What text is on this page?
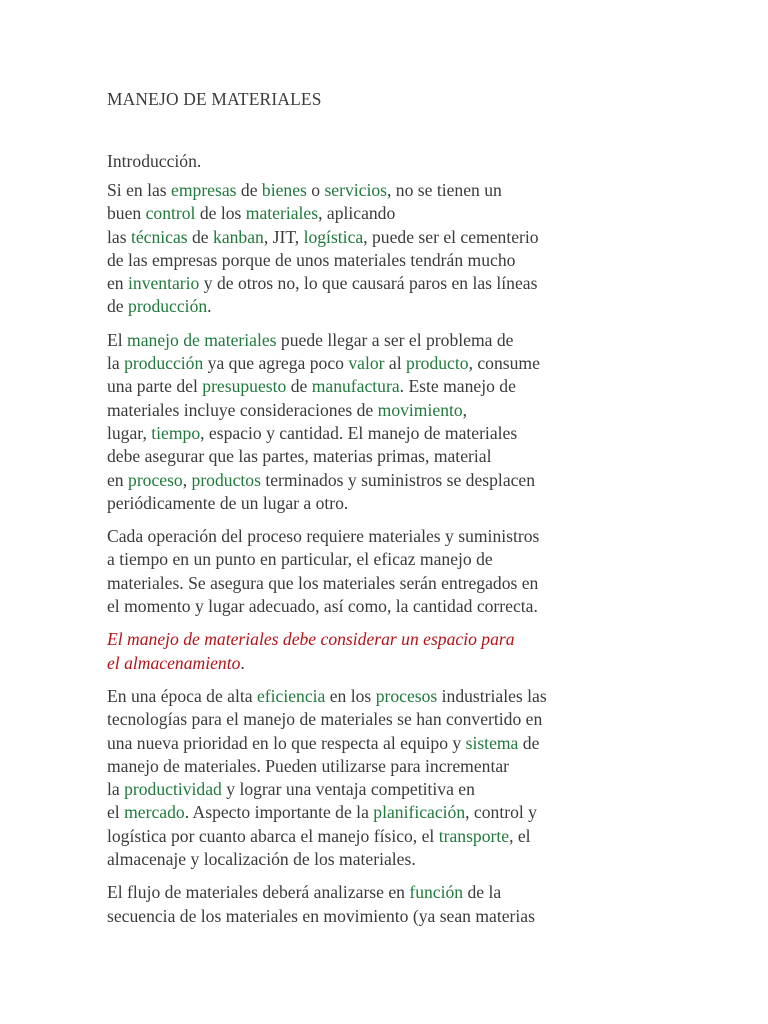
MANEJO DE MATERIALES
Introducción.

Si en las empresas de bienes o servicios, no se tienen un
buen control de los materiales, aplicando
las técnicas de kanban, JIT, logística, puede ser el cementerio
de las empresas porque de unos materiales tendrán mucho
en inventario y de otros no, lo que causará paros en las líneas
de producción.

El manejo de materiales puede llegar a ser el problema de
la producción ya que agrega poco valor al producto, consume
una parte del presupuesto de manufactura. Este manejo de
materiales incluye consideraciones de movimiento,
lugar, tiempo, espacio y cantidad. El manejo de materiales
debe asegurar que las partes, materias primas, material
en proceso, productos terminados y suministros se desplacen
periódicamente de un lugar a otro.

Cada operación del proceso requiere materiales y suministros
a tiempo en un punto en particular, el eficaz manejo de
materiales. Se asegura que los materiales serán entregados en
el momento y lugar adecuado, así como, la cantidad correcta.

El manejo de materiales debe considerar un espacio para
el almacenamiento.

En una época de alta eficiencia en los procesos industriales las
tecnologías para el manejo de materiales se han convertido en
una nueva prioridad en lo que respecta al equipo y sistema de
manejo de materiales. Pueden utilizarse para incrementar
la productividad y lograr una ventaja competitiva en
el mercado. Aspecto importante de la planificación, control y
logística por cuanto abarca el manejo físico, el transporte, el
almacenaje y localización de los materiales.

El flujo de materiales deberá analizarse en función de la
secuencia de los materiales en movimiento (ya sean materias
